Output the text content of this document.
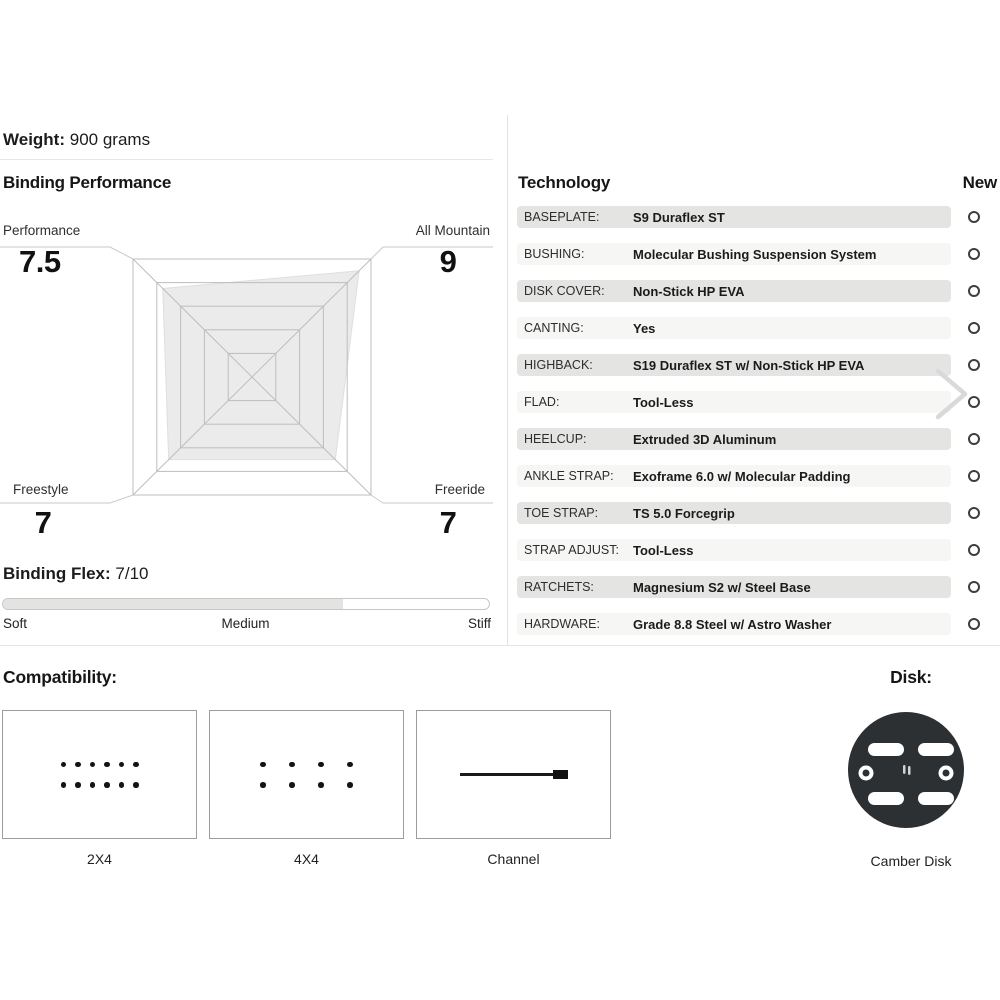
Weight: 900 grams
Binding Performance
Performance
7.5
All Mountain
9
Freestyle
7
Freeride
7
Binding Flex: 7/10
Soft	Medium	Stiff
Technology	New
BASEPLATE:	S9 Duraflex ST
BUSHING:	Molecular Bushing Suspension System
DISK COVER:	Non-Stick HP EVA
CANTING:	Yes
HIGHBACK:	S19 Duraflex ST w/ Non-Stick HP EVA
FLAD:	Tool-Less
HEELCUP:	Extruded 3D Aluminum
ANKLE STRAP:	Exoframe 6.0 w/ Molecular Padding
TOE STRAP:	TS 5.0 Forcegrip
STRAP ADJUST:	Tool-Less
RATCHETS:	Magnesium S2 w/ Steel Base
HARDWARE:	Grade 8.8 Steel w/ Astro Washer
Compatibility:
2X4	4X4	Channel
Disk:
Camber Disk
